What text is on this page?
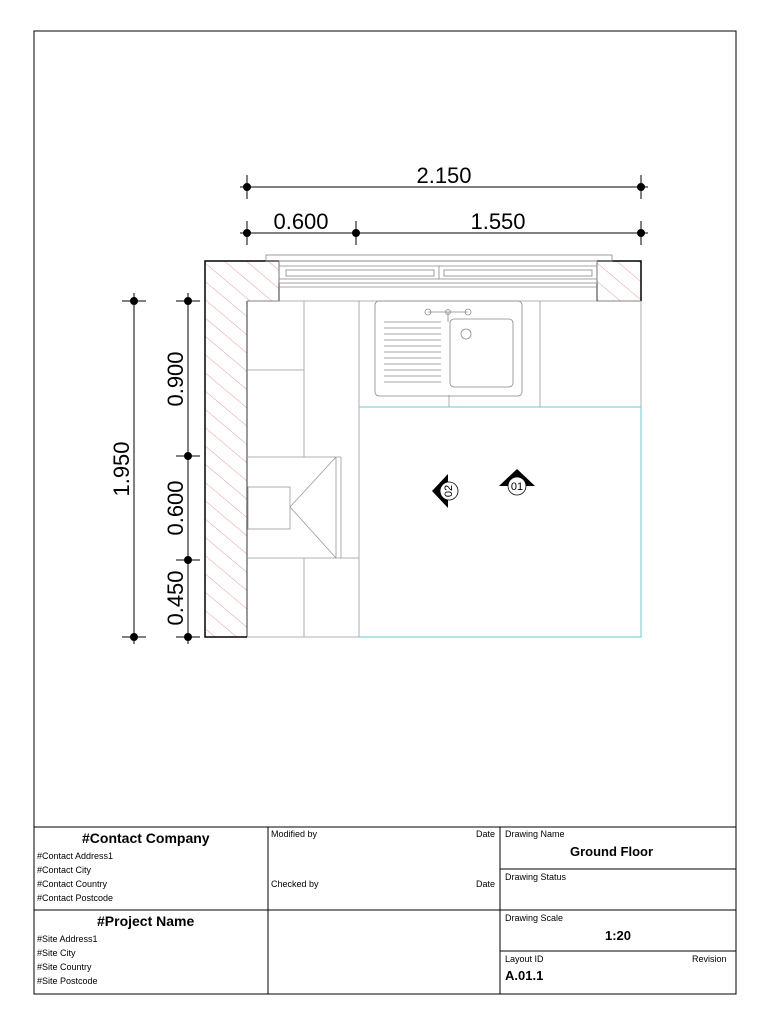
02	01
2.150
0.600	1.550
1.950
0.900
0.600
0.450
#Contact Company
#Contact Address1
#Contact City
#Contact Country
#Contact Postcode
#Project Name
#Site Address1
#Site City
#Site Country
#Site Postcode
Modified by	Date
Checked by	Date
Drawing Name
Ground Floor
Drawing Status
Drawing Scale
1:20
Layout ID	Revision
A.01.1
